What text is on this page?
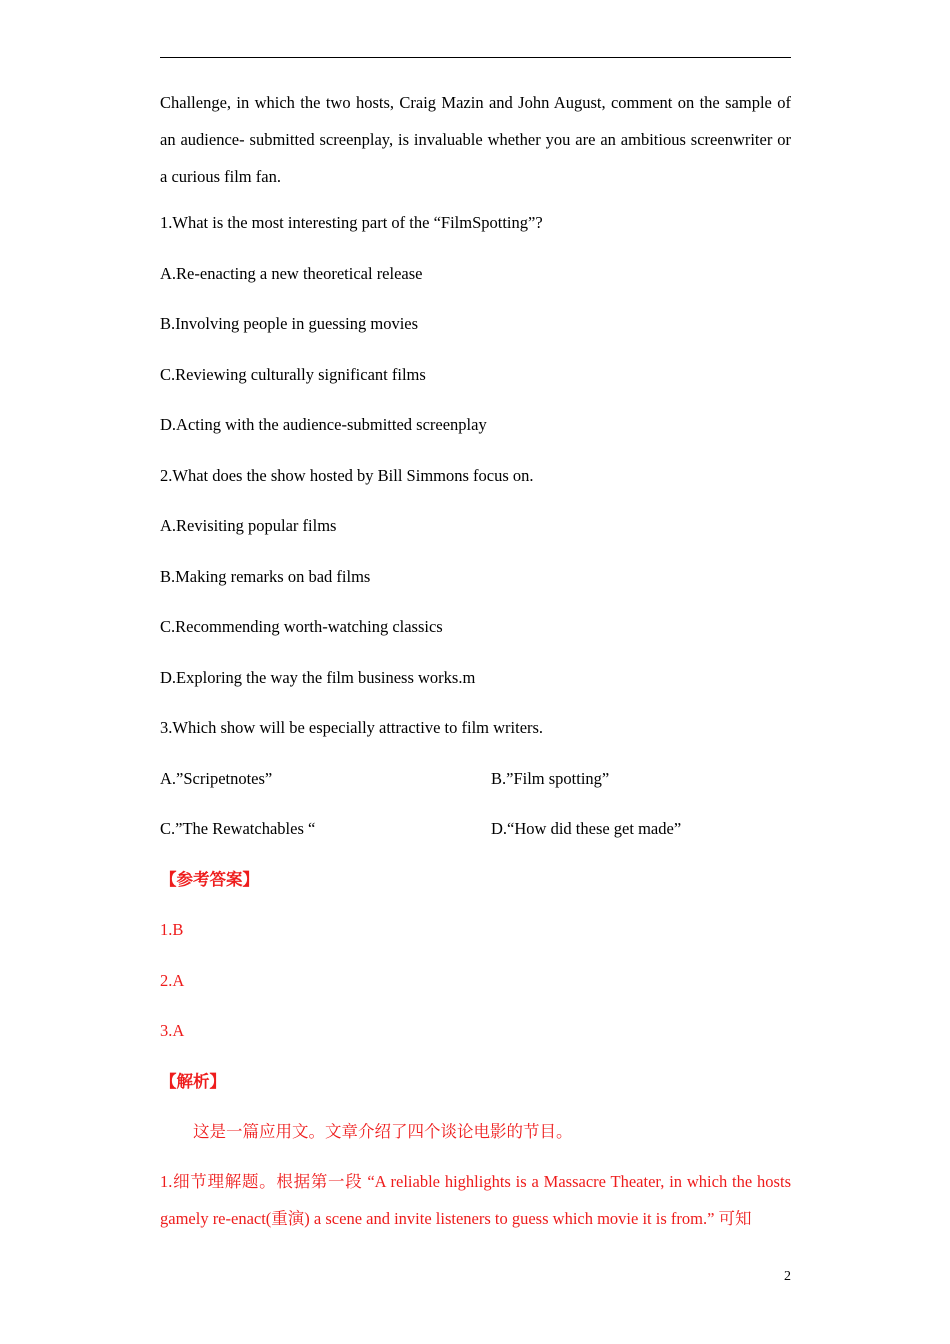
Challenge, in which the two hosts, Craig Mazin and John August, comment on the sample of an audience- submitted screenplay, is invaluable whether you are an ambitious screenwriter or a curious film fan.

1.What is the most interesting part of the “FilmSpotting”?

A.Re-enacting a new theoretical release

B.Involving people in guessing movies

C.Reviewing culturally significant films

D.Acting with the audience-submitted screenplay

2.What does the show hosted by Bill Simmons focus on.

A.Revisiting popular films

B.Making remarks on bad films

C.Recommending worth-watching classics

D.Exploring the way the film business works.m

3.Which show will be especially attractive to film writers.

A.”Scripetnotes”	B.”Film spotting”
C.”The Rewatchables “	D.“How did these get made”

【参考答案】

1.B

2.A

3.A

【解析】

这是一篇应用文。文章介绍了四个谈论电影的节目。

1.细节理解题。根据第一段 “A reliable highlights is a Massacre Theater, in which the hosts gamely re-enact(重演) a scene and invite listeners to guess which movie it is from.” 可知

2
